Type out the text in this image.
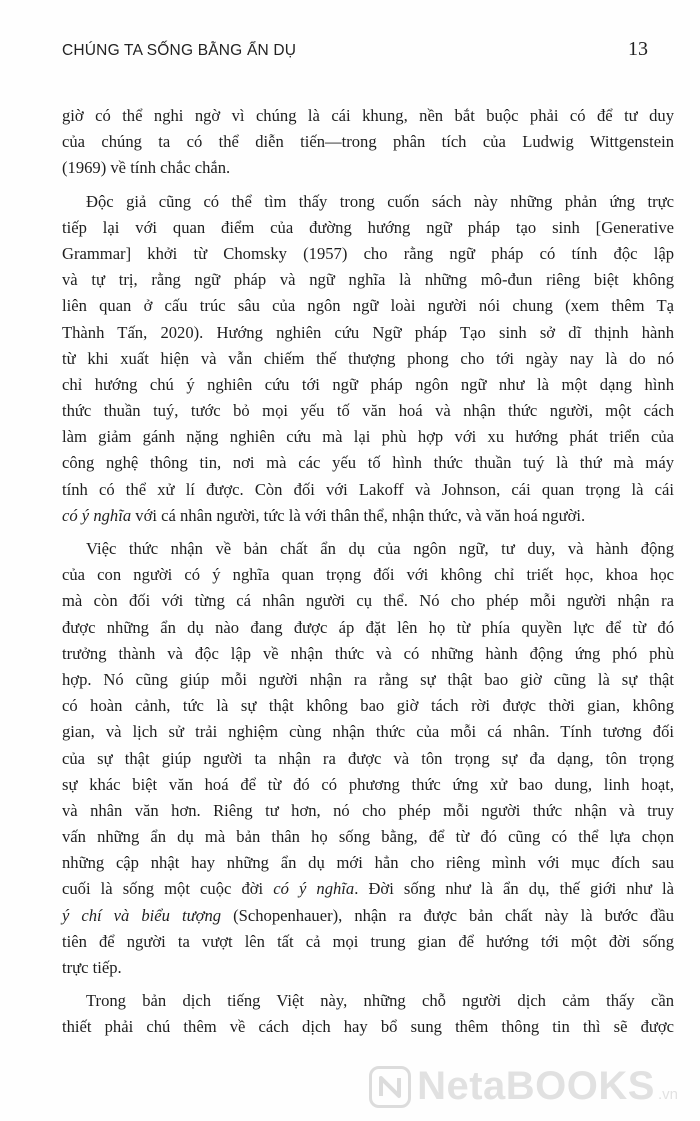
CHÚNG TA SỐNG BẰNG ẨN DỤ	13

giờ có thể nghi ngờ vì chúng là cái khung, nền bắt buộc phải có để tư duy
của chúng ta có thể diễn tiến—trong phân tích của Ludwig Wittgenstein
(1969) về tính chắc chắn.

Độc giả cũng có thể tìm thấy trong cuốn sách này những phản ứng trực
tiếp lại với quan điểm của đường hướng ngữ pháp tạo sinh [Generative
Grammar] khởi từ Chomsky (1957) cho rằng ngữ pháp có tính độc lập
và tự trị, rằng ngữ pháp và ngữ nghĩa là những mô-đun riêng biệt không
liên quan ở cấu trúc sâu của ngôn ngữ loài người nói chung (xem thêm Tạ
Thành Tấn, 2020). Hướng nghiên cứu Ngữ pháp Tạo sinh sở dĩ thịnh hành
từ khi xuất hiện và vẫn chiếm thế thượng phong cho tới ngày nay là do nó
chỉ hướng chú ý nghiên cứu tới ngữ pháp ngôn ngữ như là một dạng hình
thức thuần tuý, tước bỏ mọi yếu tố văn hoá và nhận thức người, một cách
làm giảm gánh nặng nghiên cứu mà lại phù hợp với xu hướng phát triển của
công nghệ thông tin, nơi mà các yếu tố hình thức thuần tuý là thứ mà máy
tính có thể xử lí được. Còn đối với Lakoff và Johnson, cái quan trọng là cái
có ý nghĩa với cá nhân người, tức là với thân thể, nhận thức, và văn hoá người.

Việc thức nhận về bản chất ẩn dụ của ngôn ngữ, tư duy, và hành động
của con người có ý nghĩa quan trọng đối với không chỉ triết học, khoa học
mà còn đối với từng cá nhân người cụ thể. Nó cho phép mỗi người nhận ra
được những ẩn dụ nào đang được áp đặt lên họ từ phía quyền lực để từ đó
trưởng thành và độc lập về nhận thức và có những hành động ứng phó phù
hợp. Nó cũng giúp mỗi người nhận ra rằng sự thật bao giờ cũng là sự thật
có hoàn cảnh, tức là sự thật không bao giờ tách rời được thời gian, không
gian, và lịch sử trải nghiệm cùng nhận thức của mỗi cá nhân. Tính tương đối
của sự thật giúp người ta nhận ra được và tôn trọng sự đa dạng, tôn trọng
sự khác biệt văn hoá để từ đó có phương thức ứng xử bao dung, linh hoạt,
và nhân văn hơn. Riêng tư hơn, nó cho phép mỗi người thức nhận và truy
vấn những ẩn dụ mà bản thân họ sống bằng, để từ đó cũng có thể lựa chọn
những cập nhật hay những ẩn dụ mới hẳn cho riêng mình với mục đích sau
cuối là sống một cuộc đời có ý nghĩa. Đời sống như là ẩn dụ, thế giới như là
ý chí và biểu tượng (Schopenhauer), nhận ra được bản chất này là bước đầu
tiên để người ta vượt lên tất cả mọi trung gian để hướng tới một đời sống
trực tiếp.

Trong bản dịch tiếng Việt này, những chỗ người dịch cảm thấy cần
thiết phải chú thêm về cách dịch hay bổ sung thêm thông tin thì sẽ được

NetaBOOKS .vn
